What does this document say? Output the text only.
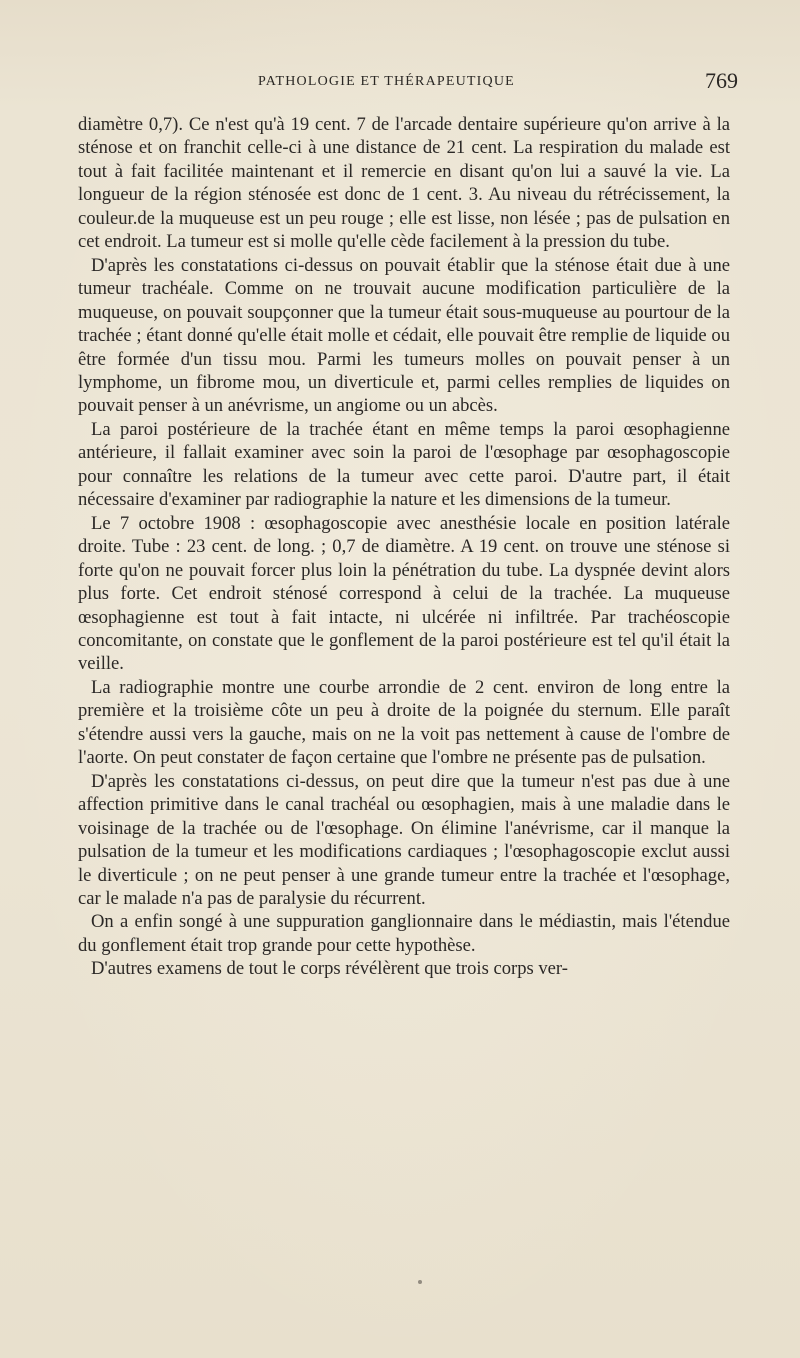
PATHOLOGIE ET THÉRAPEUTIQUE	769

diamètre 0,7). Ce n'est qu'à 19 cent. 7 de l'arcade dentaire supérieure qu'on arrive à la sténose et on franchit celle-ci à une distance de 21 cent. La respiration du malade est tout à fait facilitée maintenant et il remercie en disant qu'on lui a sauvé la vie. La longueur de la région sténosée est donc de 1 cent. 3. Au niveau du rétrécissement, la couleur.de la muqueuse est un peu rouge ; elle est lisse, non lésée ; pas de pulsation en cet endroit. La tumeur est si molle qu'elle cède facilement à la pression du tube.

D'après les constatations ci-dessus on pouvait établir que la sténose était due à une tumeur trachéale. Comme on ne trouvait aucune modification particulière de la muqueuse, on pouvait soupçonner que la tumeur était sous-muqueuse au pourtour de la trachée ; étant donné qu'elle était molle et cédait, elle pouvait être remplie de liquide ou être formée d'un tissu mou. Parmi les tumeurs molles on pouvait penser à un lymphome, un fibrome mou, un diverticule et, parmi celles remplies de liquides on pouvait penser à un anévrisme, un angiome ou un abcès.

La paroi postérieure de la trachée étant en même temps la paroi œsophagienne antérieure, il fallait examiner avec soin la paroi de l'œsophage par œsophagoscopie pour connaître les relations de la tumeur avec cette paroi. D'autre part, il était nécessaire d'examiner par radiographie la nature et les dimensions de la tumeur.

Le 7 octobre 1908 : œsophagoscopie avec anesthésie locale en position latérale droite. Tube : 23 cent. de long. ; 0,7 de diamètre. A 19 cent. on trouve une sténose si forte qu'on ne pouvait forcer plus loin la pénétration du tube. La dyspnée devint alors plus forte. Cet endroit sténosé correspond à celui de la trachée. La muqueuse œsophagienne est tout à fait intacte, ni ulcérée ni infiltrée. Par trachéoscopie concomitante, on constate que le gonflement de la paroi postérieure est tel qu'il était la veille.

La radiographie montre une courbe arrondie de 2 cent. environ de long entre la première et la troisième côte un peu à droite de la poignée du sternum. Elle paraît s'étendre aussi vers la gauche, mais on ne la voit pas nettement à cause de l'ombre de l'aorte. On peut constater de façon certaine que l'ombre ne présente pas de pulsation.

D'après les constatations ci-dessus, on peut dire que la tumeur n'est pas due à une affection primitive dans le canal trachéal ou œsophagien, mais à une maladie dans le voisinage de la trachée ou de l'œsophage. On élimine l'anévrisme, car il manque la pulsation de la tumeur et les modifications cardiaques ; l'œsophagoscopie exclut aussi le diverticule ; on ne peut penser à une grande tumeur entre la trachée et l'œsophage, car le malade n'a pas de paralysie du récurrent.

On a enfin songé à une suppuration ganglionnaire dans le médiastin, mais l'étendue du gonflement était trop grande pour cette hypothèse.

D'autres examens de tout le corps révélèrent que trois corps ver-
